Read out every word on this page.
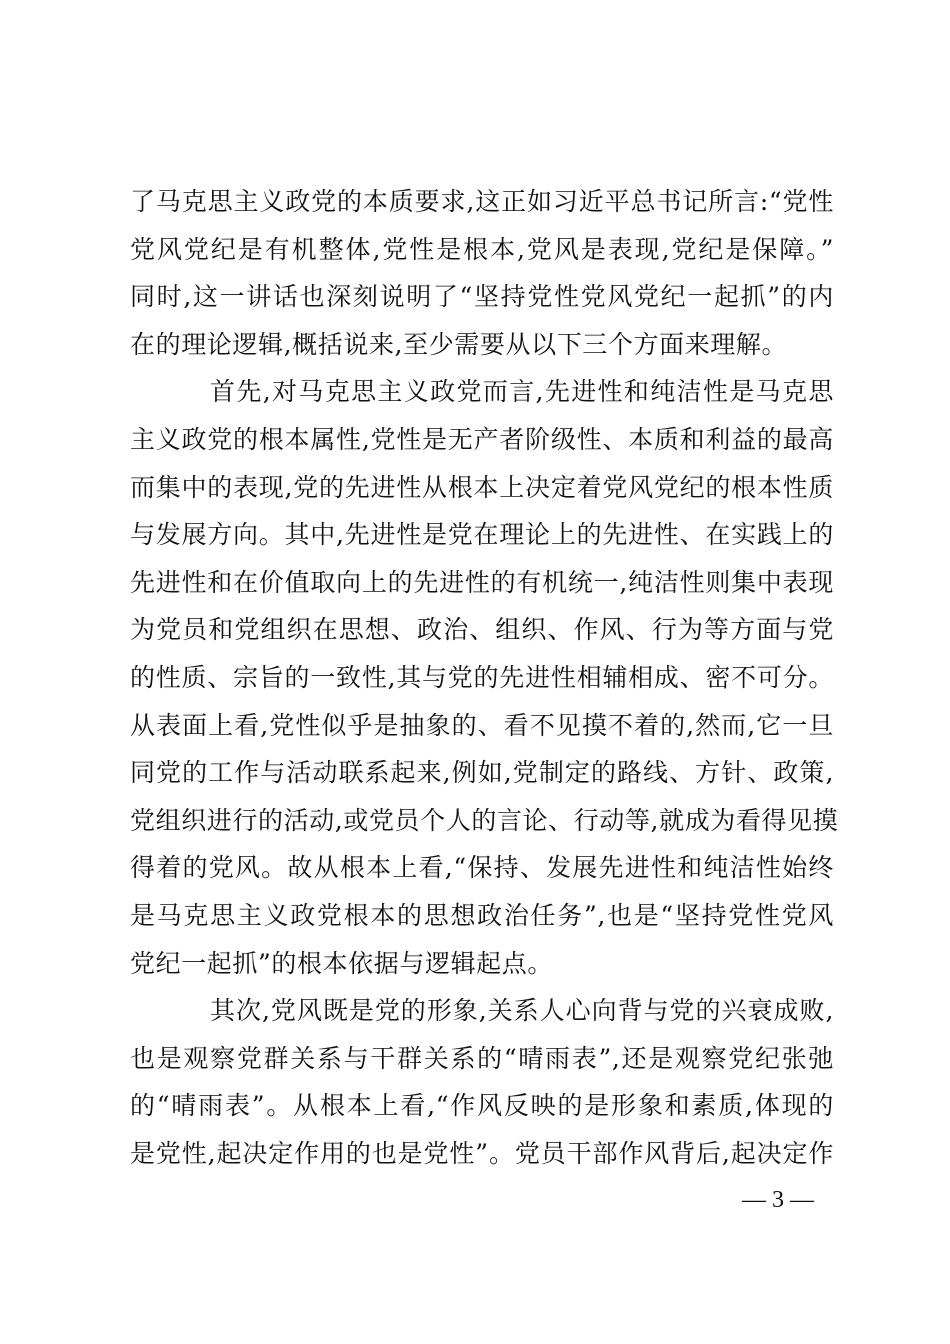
了马克思主义政党的本质要求,这正如习近平总书记所言:“党性
党风党纪是有机整体,党性是根本,党风是表现,党纪是保障。”
同时,这一讲话也深刻说明了“坚持党性党风党纪一起抓”的内
在的理论逻辑,概括说来,至少需要从以下三个方面来理解。
首先,对马克思主义政党而言,先进性和纯洁性是马克思
主义政党的根本属性,党性是无产者阶级性、本质和利益的最高
而集中的表现,党的先进性从根本上决定着党风党纪的根本性质
与发展方向。其中,先进性是党在理论上的先进性、在实践上的
先进性和在价值取向上的先进性的有机统一,纯洁性则集中表现
为党员和党组织在思想、政治、组织、作风、行为等方面与党
的性质、宗旨的一致性,其与党的先进性相辅相成、密不可分。
从表面上看,党性似乎是抽象的、看不见摸不着的,然而,它一旦
同党的工作与活动联系起来,例如,党制定的路线、方针、政策,
党组织进行的活动,或党员个人的言论、行动等,就成为看得见摸
得着的党风。故从根本上看,“保持、发展先进性和纯洁性始终
是马克思主义政党根本的思想政治任务”,也是“坚持党性党风
党纪一起抓”的根本依据与逻辑起点。
其次,党风既是党的形象,关系人心向背与党的兴衰成败,
也是观察党群关系与干群关系的“晴雨表”,还是观察党纪张弛
的“晴雨表”。从根本上看,“作风反映的是形象和素质,体现的
是党性,起决定作用的也是党性”。党员干部作风背后,起决定作
— 3 —
